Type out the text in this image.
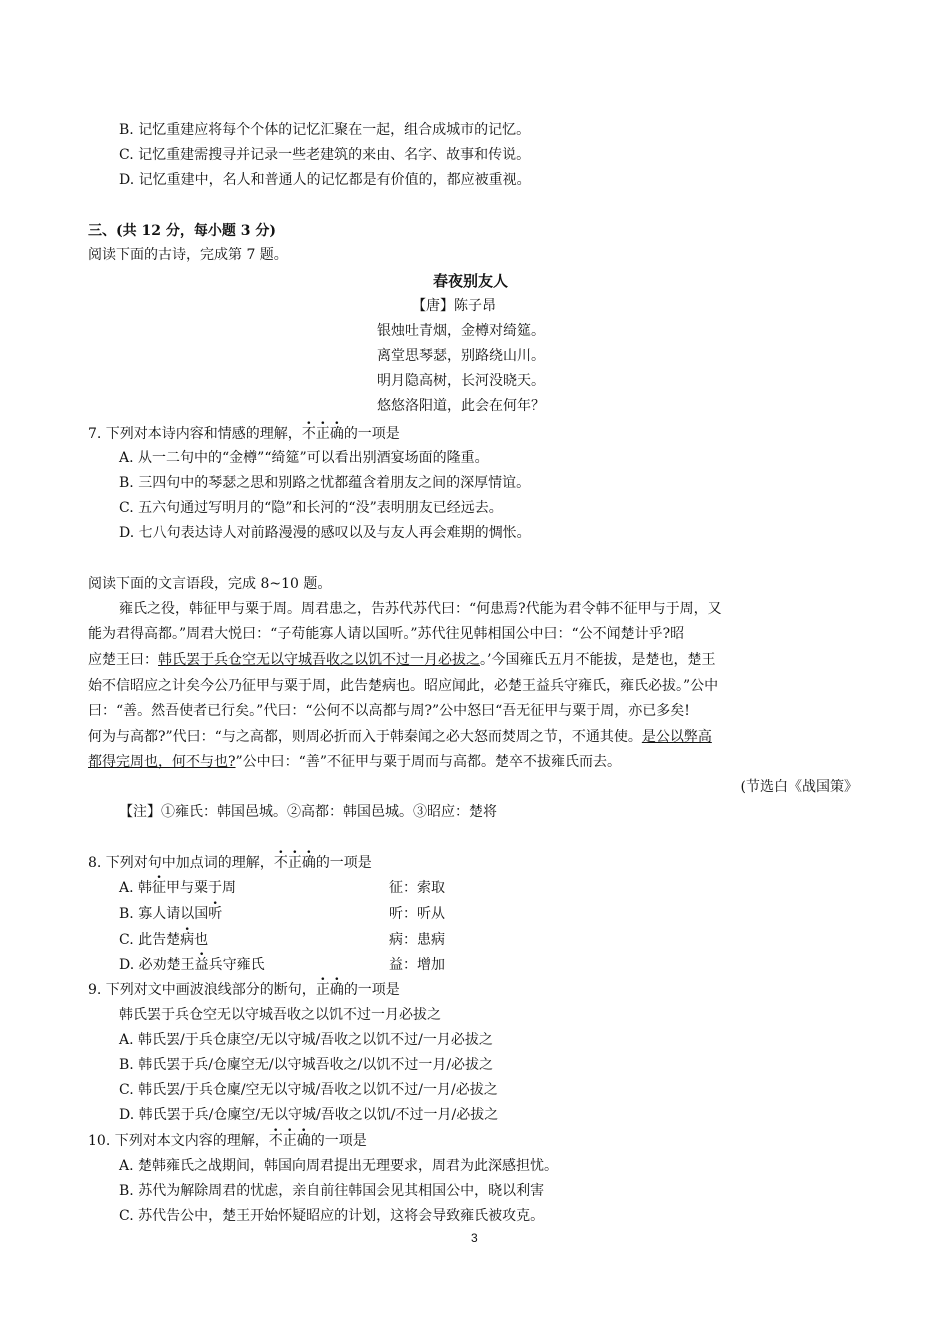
B. 记忆重建应将每个个体的记忆汇聚在一起，组合成城市的记忆。
C. 记忆重建需搜寻并记录一些老建筑的来由、名字、故事和传说。
D. 记忆重建中，名人和普通人的记忆都是有价值的，都应被重视。
三、(共 12 分，每小题 3 分)
阅读下面的古诗，完成第 7 题。
春夜别友人
【唐】陈子昂
银烛吐青烟，金樽对绮筵。
离堂思琴瑟，别路绕山川。
明月隐高树，长河没晓天。
悠悠洛阳道，此会在何年？
7. 下列对本诗内容和情感的理解，不正确的一项是
A. 从一二句中的“金樽”“绮筵”可以看出别酒宴场面的隆重。
B. 三四句中的琴瑟之思和别路之忧都蕴含着朋友之间的深厚情谊。
C. 五六句通过写明月的“隐”和长河的“没”表明朋友已经远去。
D. 七八句表达诗人对前路漫漫的感叹以及与友人再会难期的惆怅。
阅读下面的文言语段，完成 8~10 题。
雍氏之役，韩征甲与粟于周。周君患之，告苏代苏代曰：“何患焉?代能为君令韩不征甲与于周，又
能为君得高都。”周君大悦曰：“子苟能寡人请以国听。”苏代往见韩相国公中曰：“公不闻楚计乎?昭
应楚王曰：韩氏罢于兵仓空无以守城吾收之以饥不过一月必拔之。’今国雍氏五月不能拔，是楚也，楚王
始不信昭应之计矣今公乃征甲与粟于周，此告楚病也。昭应闻此，必楚王益兵守雍氏，雍氏必拔。”公中
曰：“善。然吾使者已行矣。”代曰：“公何不以高都与周?”公中怒曰“吾无征甲与粟于周，亦已多矣!
何为与高都?”代曰：“与之高都，则周必折而入于韩秦闻之必大怒而焚周之节，不通其使。是公以弊高
都得完周也，何不与也?”公中曰：“善”不征甲与粟于周而与高都。楚卒不拔雍氏而去。
(节选白《战国策》
【注】①雍氏：韩国邑城。②高都：韩国邑城。③昭应：楚将
8. 下列对句中加点词的理解，不正确的一项是
A. 韩征甲与粟于周	征：索取
B. 寡人请以国听	听：听从
C. 此告楚病也	病：患病
D. 必劝楚王益兵守雍氏	益：增加
9. 下列对文中画波浪线部分的断句，正确的一项是
韩氏罢于兵仓空无以守城吾收之以饥不过一月必拔之
A. 韩氏罢/于兵仓康空/无以守城/吾收之以饥不过/一月必拔之
B. 韩氏罢于兵/仓廩空无/以守城吾收之/以饥不过一月/必拔之
C. 韩氏罢/于兵仓廩/空无以守城/吾收之以饥不过/一月/必拔之
D. 韩氏罢于兵/仓廩空/无以守城/吾收之以饥/不过一月/必拔之
10. 下列对本文内容的理解，不正确的一项是
A. 楚韩雍氏之战期间，韩国向周君提出无理要求，周君为此深感担忧。
B. 苏代为解除周君的忧虑，亲自前往韩国会见其相国公中，晓以利害
C. 苏代告公中，楚王开始怀疑昭应的计划，这将会导致雍氏被攻克。
3
